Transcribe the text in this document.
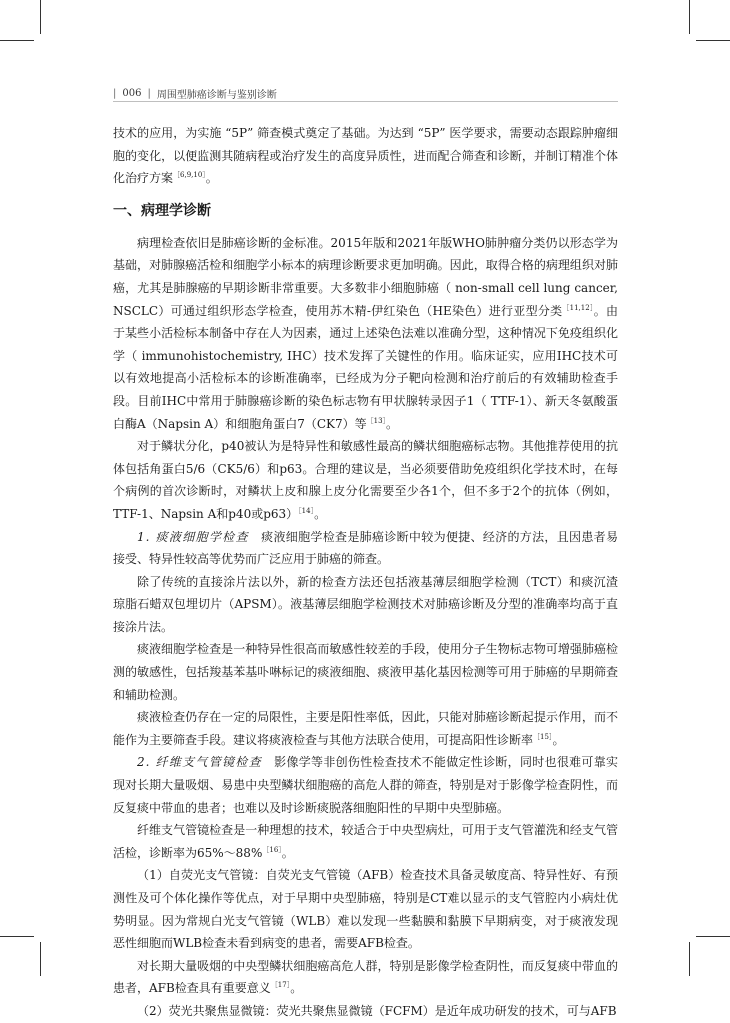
| 006 | 周围型肺癌诊断与鉴别诊断

技术的应用，为实施 “5P” 筛查模式奠定了基础。为达到 “5P” 医学要求，需要动态跟踪肿瘤细胞的变化，以便监测其随病程或治疗发生的高度异质性，进而配合筛查和诊断，并制订精准个体化治疗方案$^{[6,9,10]}$。

一、病理学诊断

病理检查依旧是肺癌诊断的金标准。2015年版和2021年版WHO肺肿瘤分类仍以形态学为基础，对肺腺癌活检和细胞学小标本的病理诊断要求更加明确。因此，取得合格的病理组织对肺癌，尤其是肺腺癌的早期诊断非常重要。大多数非小细胞肺癌（ non-small cell lung cancer, NSCLC）可通过组织形态学检查，使用苏木精-伊红染色（HE染色）进行亚型分类$^{[11,12]}$。由于某些小活检标本制备中存在人为因素，通过上述染色法难以准确分型，这种情况下免疫组织化学（ immunohistochemistry, IHC）技术发挥了关键性的作用。临床证实，应用IHC技术可以有效地提高小活检标本的诊断准确率，已经成为分子靶向检测和治疗前后的有效辅助检查手段。目前IHC中常用于肺腺癌诊断的染色标志物有甲状腺转录因子1（ TTF-1）、新天冬氨酸蛋白酶A（Napsin A）和细胞角蛋白7（CK7）等$^{[13]}$。

对于鳞状分化，p40被认为是特异性和敏感性最高的鳞状细胞癌标志物。其他推荐使用的抗体包括角蛋白5/6（CK5/6）和p63。合理的建议是，当必须要借助免疫组织化学技术时，在每个病例的首次诊断时，对鳞状上皮和腺上皮分化需要至少各1个，但不多于2个的抗体（例如，TTF-1、Napsin A和p40或p63）$^{[14]}$。

1. 痰液细胞学检查　痰液细胞学检查是肺癌诊断中较为便捷、经济的方法，且因患者易接受、特异性较高等优势而广泛应用于肺癌的筛查。

除了传统的直接涂片法以外，新的检查方法还包括液基薄层细胞学检测（TCT）和痰沉渣琼脂石蜡双包埋切片（APSM）。液基薄层细胞学检测技术对肺癌诊断及分型的准确率均高于直接涂片法。

痰液细胞学检查是一种特异性很高而敏感性较差的手段，使用分子生物标志物可增强肺癌检测的敏感性，包括羧基苯基卟啉标记的痰液细胞、痰液甲基化基因检测等可用于肺癌的早期筛查和辅助检测。

痰液检查仍存在一定的局限性，主要是阳性率低，因此，只能对肺癌诊断起提示作用，而不能作为主要筛查手段。建议将痰液检查与其他方法联合使用，可提高阳性诊断率$^{[15]}$。

2. 纤维支气管镜检查　影像学等非创伤性检查技术不能做定性诊断，同时也很难可靠实现对长期大量吸烟、易患中央型鳞状细胞癌的高危人群的筛查，特别是对于影像学检查阴性，而反复痰中带血的患者；也难以及时诊断痰脱落细胞阳性的早期中央型肺癌。

纤维支气管镜检查是一种理想的技术，较适合于中央型病灶，可用于支气管灌洗和经支气管活检，诊断率为65%～88%$^{[16]}$。

（1）自荧光支气管镜：自荧光支气管镜（AFB）检查技术具备灵敏度高、特异性好、有预测性及可个体化操作等优点，对于早期中央型肺癌，特别是CT难以显示的支气管腔内小病灶优势明显。因为常规白光支气管镜（WLB）难以发现一些黏膜和黏膜下早期病变，对于痰液发现恶性细胞而WLB检查未看到病变的患者，需要AFB检查。

对长期大量吸烟的中央型鳞状细胞癌高危人群，特别是影像学检查阴性，而反复痰中带血的患者，AFB检查具有重要意义$^{[17]}$。

（2）荧光共聚焦显微镜：荧光共聚焦显微镜（FCFM）是近年成功研发的技术，可与AFB
